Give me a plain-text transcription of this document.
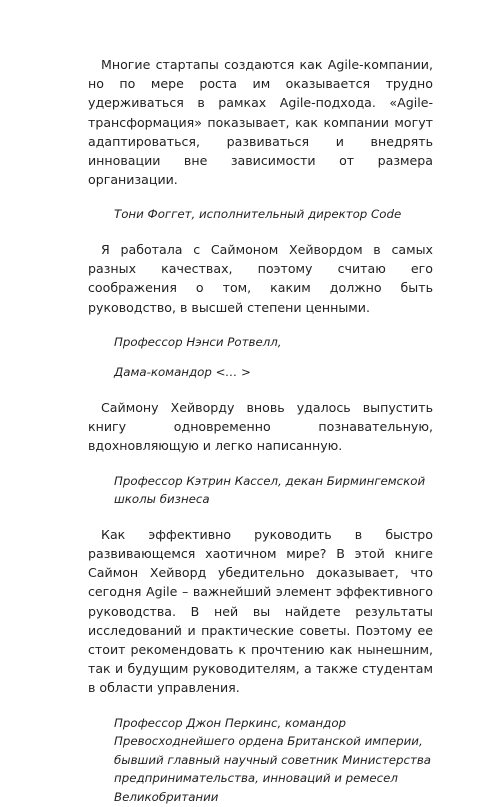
Многие стартапы создаются как Agile-компании, но по мере роста им оказывается трудно удерживаться в рамках Agile-подхода. «Agile-трансформация» показывает, как компании могут адаптироваться, развиваться и внедрять инновации вне зависимости от размера организации.

Тони Фоггет, исполнительный директор Code

Я работала с Саймоном Хейвордом в самых разных качествах, поэтому считаю его соображения о том, каким должно быть руководство, в высшей степени ценными.

Профессор Нэнси Ротвелл,

Дама-командор <… >

Саймону Хейворду вновь удалось выпустить книгу одновременно познавательную, вдохновляющую и легко написанную.

Профессор Кэтрин Кассел, декан Бирмингемской школы бизнеса

Как эффективно руководить в быстро развивающемся хаотичном мире? В этой книге Саймон Хейворд убедительно доказывает, что сегодня Agile – важнейший элемент эффективного руководства. В ней вы найдете результаты исследований и практические советы. Поэтому ее стоит рекомендовать к прочтению как нынешним, так и будущим руководителям, а также студентам в области управления.

Профессор Джон Перкинс, командор Превосходнейшего ордена Британской империи, бывший главный научный советник Министерства предпринимательства, инноваций и ремесел Великобритании
